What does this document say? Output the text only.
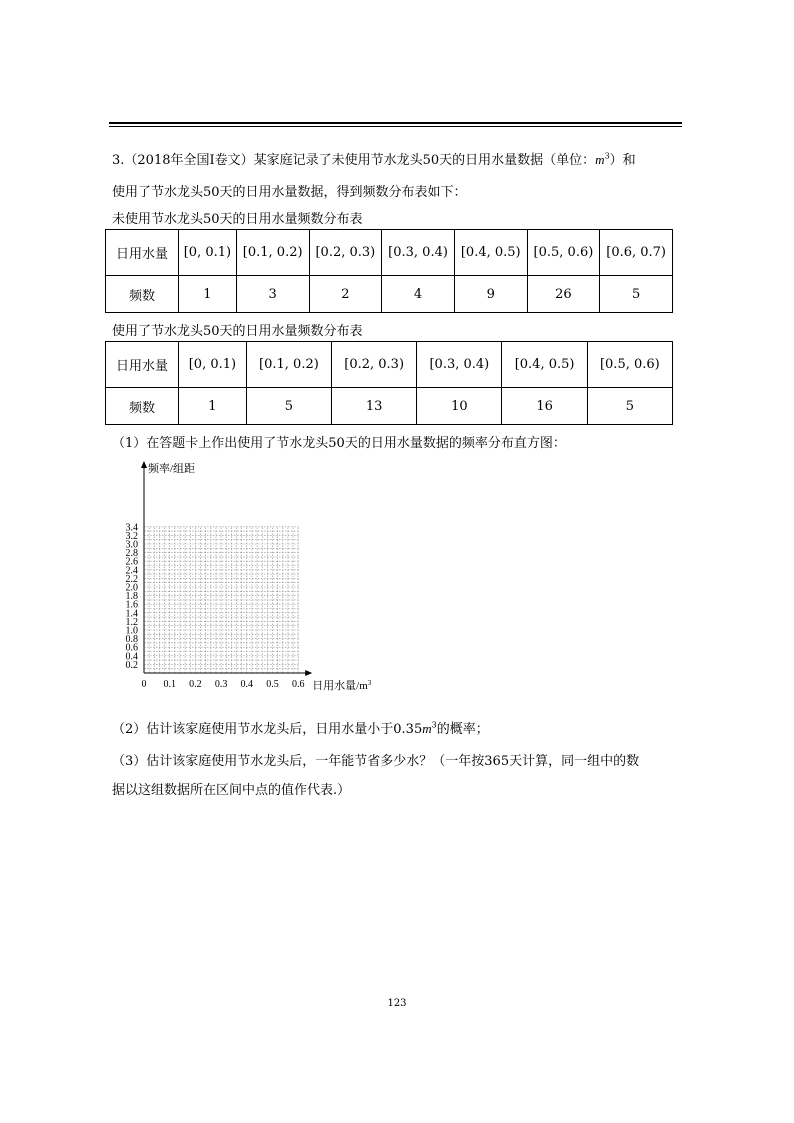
3.（2018年全国I卷文）某家庭记录了未使用节水龙头50天的日用水量数据（单位：$m^3$）和
使用了节水龙头50天的日用水量数据，得到频数分布表如下：
未使用节水龙头50天的日用水量频数分布表
日用水量	[0, 0.1)	[0.1, 0.2)	[0.2, 0.3)	[0.3, 0.4)	[0.4, 0.5)	[0.5, 0.6)	[0.6, 0.7)
频数	1	3	2	4	9	26	5
使用了节水龙头50天的日用水量频数分布表
日用水量	[0, 0.1)	[0.1, 0.2)	[0.2, 0.3)	[0.3, 0.4)	[0.4, 0.5)	[0.5, 0.6)
频数	1	5	13	10	16	5
（1）在答题卡上作出使用了节水龙头50天的日用水量数据的频率分布直方图：
0.2
0.4
0.6
0.8
1.0
1.2
1.4
1.6
1.8
2.0
2.2
2.4
2.6
2.8
3.0
3.2
3.4
0 0.1 0.2 0.3 0.4 0.5 0.6
频率/组距
日用水量$/m^3$
（2）估计该家庭使用节水龙头后，日用水量小于$0.35m^3$的概率；
（3）估计该家庭使用节水龙头后，一年能节省多少水？（一年按365天计算，同一组中的数
据以这组数据所在区间中点的值作代表.）
123
